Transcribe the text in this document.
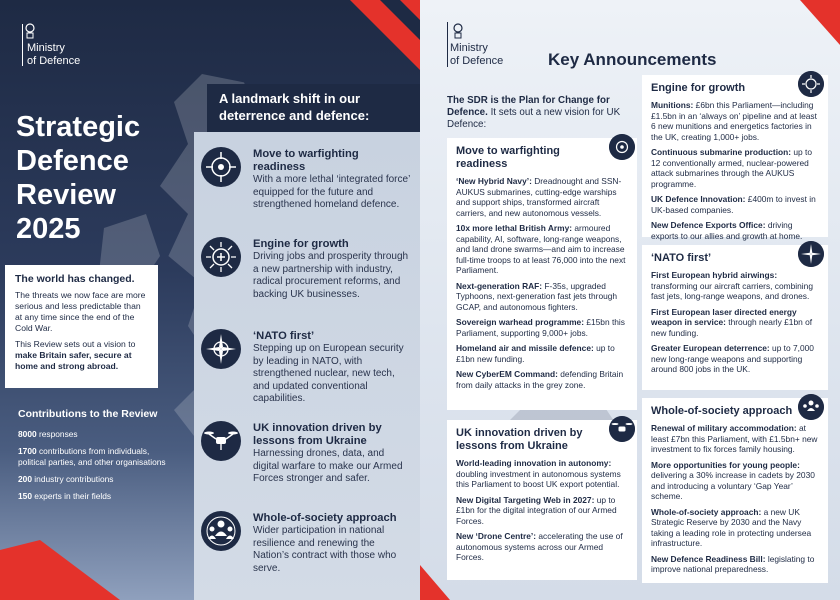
Ministry
of Defence
Strategic Defence Review 2025
The world has changed.

The threats we now face are more serious and less predictable than at any time since the end of the Cold War.

This Review sets out a vision to make Britain safer, secure at home and strong abroad.

Contributions to the Review
8000 responses
1700 contributions from individuals, political parties, and other organisations
200 industry contributions
150 experts in their fields
A landmark shift in our deterrence and defence:
Move to warfighting readiness

With a more lethal ‘integrated force’ equipped for the future and strengthened homeland defence.

Engine for growth

Driving jobs and prosperity through a new partnership with industry, radical procurement reforms, and backing UK businesses.

‘NATO first’

Stepping up on European security by leading in NATO, with strengthened nuclear, new tech, and updated conventional capabilities.

UK innovation driven by lessons from Ukraine

Harnessing drones, data, and digital warfare to make our Armed Forces stronger and safer.

Whole-of-society approach

Wider participation in national resilience and renewing the Nation’s contract with those who serve.

Ministry
of Defence	Key Announcements
The SDR is the Plan for Change for Defence. It sets out a new vision for UK Defence:
Move to warfighting readiness
‘New Hybrid Navy’: Dreadnought and SSN-AUKUS submarines, cutting-edge warships and support ships, transformed aircraft carriers, and new autonomous vessels.
10x more lethal British Army: armoured capability, AI, software, long-range weapons, and land drone swarms—and aim to increase full-time troops to at least 76,000 into the next Parliament.
Next-generation RAF: F-35s, upgraded Typhoons, next-generation fast jets through GCAP, and autonomous fighters.
Sovereign warhead programme: £15bn this Parliament, supporting 9,000+ jobs.
Homeland air and missile defence: up to £1bn new funding.
New CyberEM Command: defending Britain from daily attacks in the grey zone.
UK innovation driven by lessons from Ukraine
World-leading innovation in autonomy: doubling investment in autonomous systems this Parliament to boost UK export potential.
New Digital Targeting Web in 2027: up to £1bn for the digital integration of our Armed Forces.
New ‘Drone Centre’: accelerating the use of autonomous systems across our Armed Forces.
Engine for growth
Munitions: £6bn this Parliament—including £1.5bn in an ‘always on’ pipeline and at least 6 new munitions and energetics factories in the UK, creating 1,000+ jobs.
Continuous submarine production: up to 12 conventionally armed, nuclear-powered attack submarines through the AUKUS programme.
UK Defence Innovation: £400m to invest in UK-based companies.
New Defence Exports Office: driving exports to our allies and growth at home.
‘NATO first’
First European hybrid airwings: transforming our aircraft carriers, combining fast jets, long-range weapons, and drones.
First European laser directed energy weapon in service: through nearly £1bn of new funding.
Greater European deterrence: up to 7,000 new long-range weapons and supporting around 800 jobs in the UK.
Whole-of-society approach
Renewal of military accommodation: at least £7bn this Parliament, with £1.5bn+ new investment to fix forces family housing.
More opportunities for young people: delivering a 30% increase in cadets by 2030 and introducing a voluntary ‘Gap Year’ scheme.
Whole-of-society approach: a new UK Strategic Reserve by 2030 and the Navy taking a leading role in protecting undersea infrastructure.
New Defence Readiness Bill: legislating to improve national preparedness.
